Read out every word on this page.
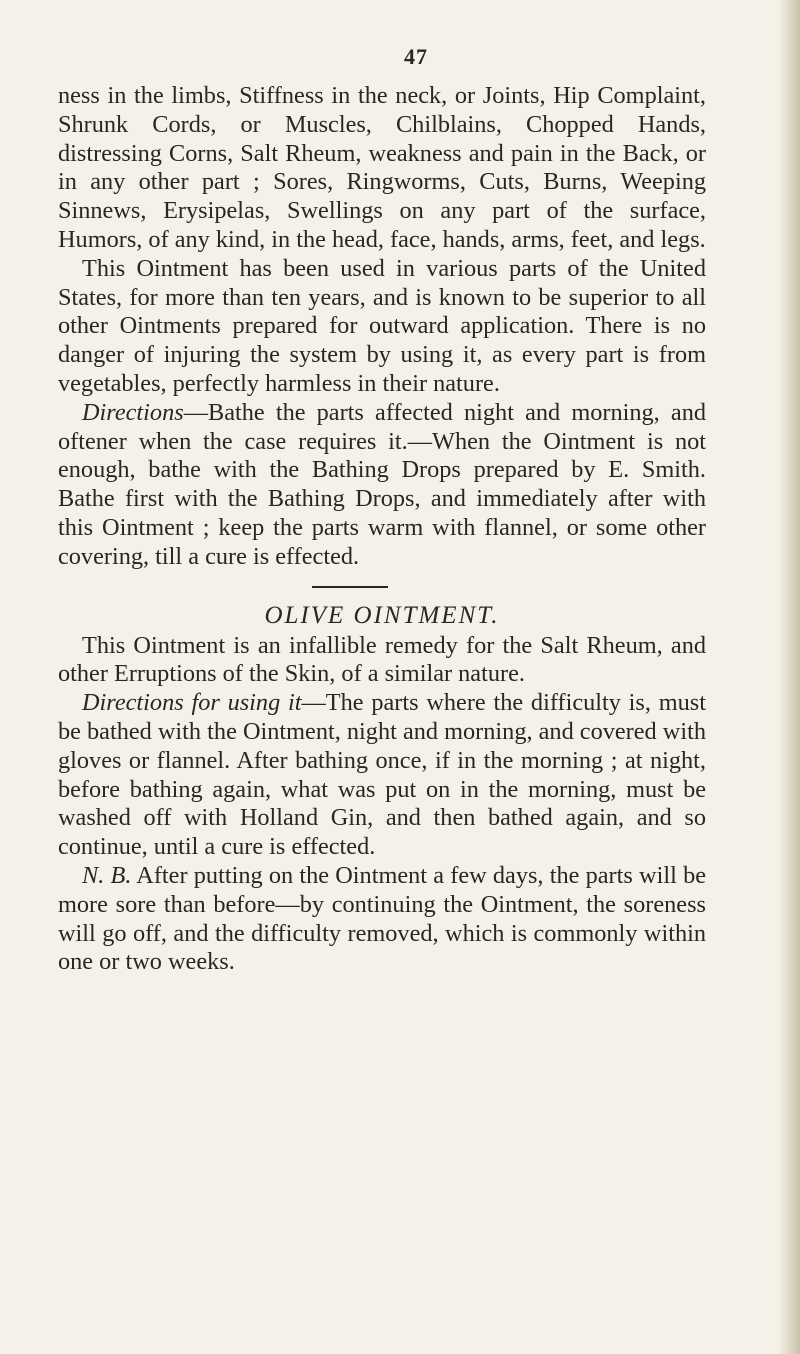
47

ness in the limbs, Stiffness in the neck, or Joints, Hip Complaint, Shrunk Cords, or Muscles, Chilblains, Chopped Hands, distressing Corns, Salt Rheum, weakness and pain in the Back, or in any other part ; Sores, Ringworms, Cuts, Burns, Weeping Sinnews, Erysipelas, Swellings on any part of the surface, Humors, of any kind, in the head, face, hands, arms, feet, and legs.

This Ointment has been used in various parts of the United States, for more than ten years, and is known to be superior to all other Ointments prepared for outward application. There is no danger of injuring the system by using it, as every part is from vegetables, perfectly harmless in their nature.

Directions—Bathe the parts affected night and morning, and oftener when the case requires it.—When the Ointment is not enough, bathe with the Bathing Drops prepared by E. Smith. Bathe first with the Bathing Drops, and immediately after with this Ointment ; keep the parts warm with flannel, or some other covering, till a cure is effected.

OLIVE OINTMENT.

This Ointment is an infallible remedy for the Salt Rheum, and other Erruptions of the Skin, of a similar nature.

Directions for using it—The parts where the difficulty is, must be bathed with the Ointment, night and morning, and covered with gloves or flannel. After bathing once, if in the morning ; at night, before bathing again, what was put on in the morning, must be washed off with Holland Gin, and then bathed again, and so continue, until a cure is effected.

N. B. After putting on the Ointment a few days, the parts will be more sore than before—by continuing the Ointment, the soreness will go off, and the difficulty removed, which is commonly within one or two weeks.
